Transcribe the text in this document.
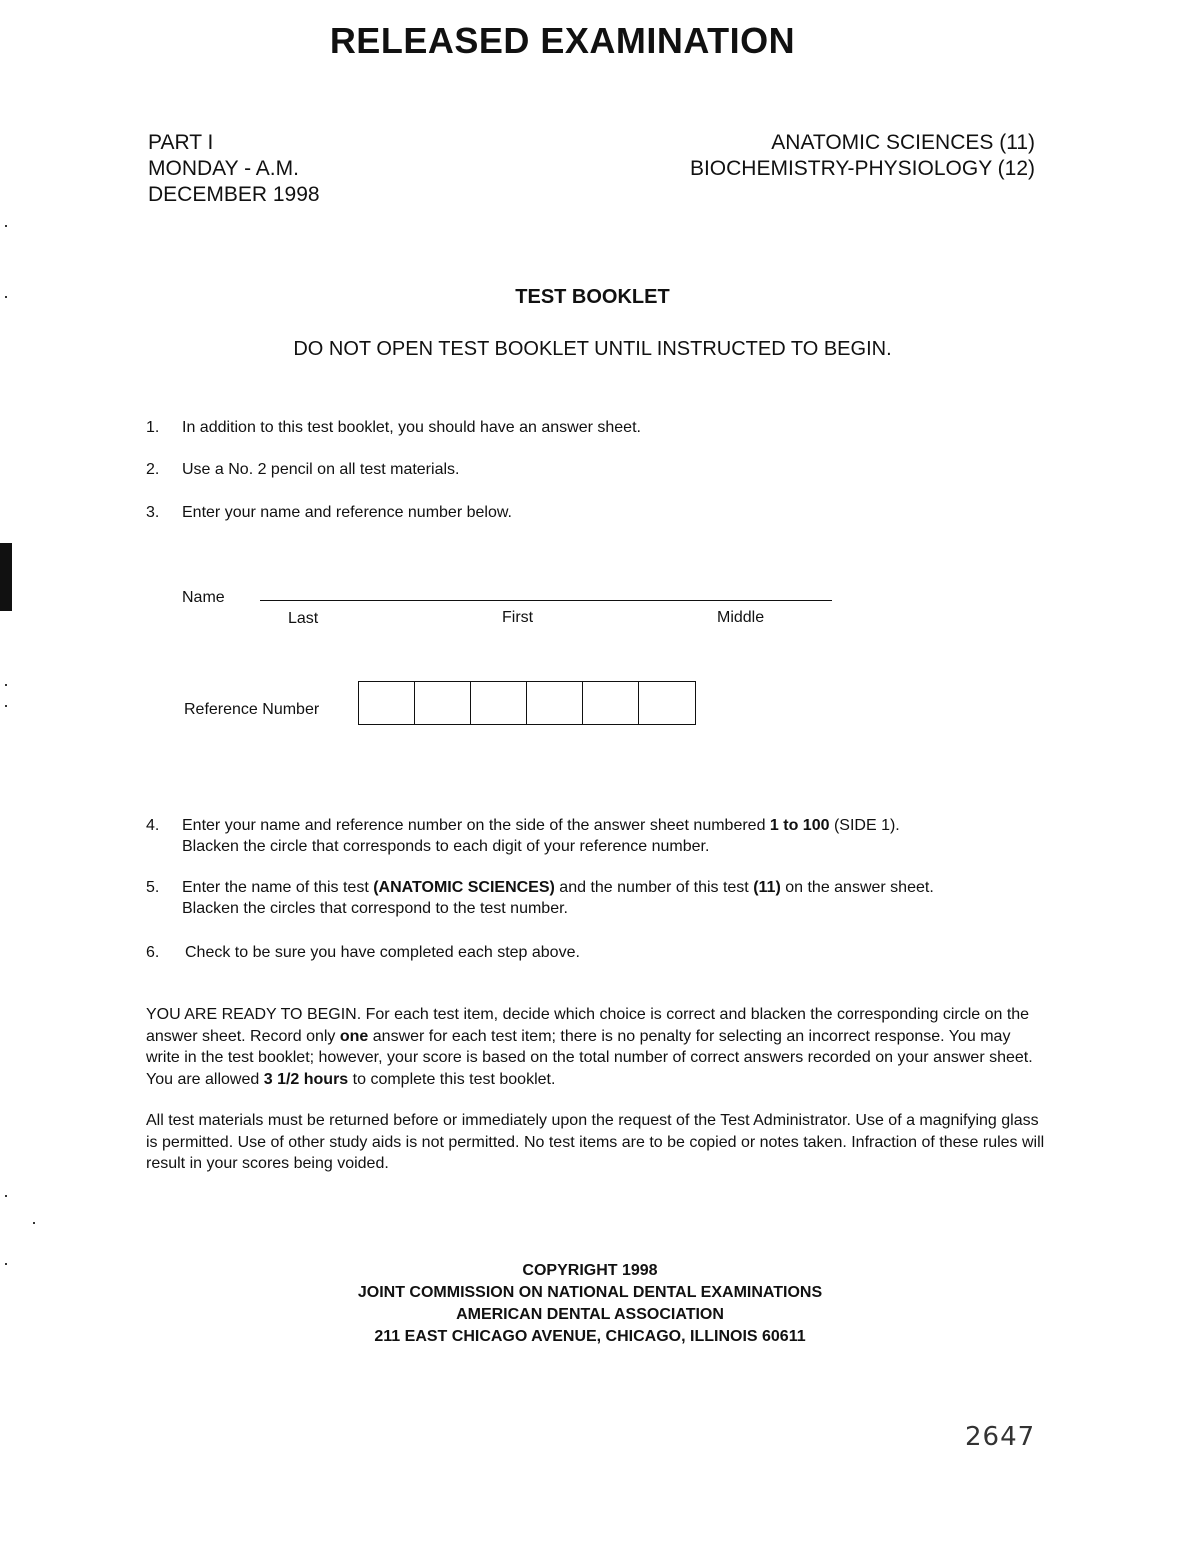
RELEASED EXAMINATION
PART I
MONDAY - A.M.
DECEMBER 1998
ANATOMIC SCIENCES (11)
BIOCHEMISTRY-PHYSIOLOGY (12)
TEST BOOKLET
DO NOT OPEN TEST BOOKLET UNTIL INSTRUCTED TO BEGIN.
1. In addition to this test booklet, you should have an answer sheet.
2. Use a No. 2 pencil on all test materials.
3. Enter your name and reference number below.
Name
Last	First	Middle
Reference Number
4. Enter your name and reference number on the side of the answer sheet numbered 1 to 100 (SIDE 1).
Blacken the circle that corresponds to each digit of your reference number.
5. Enter the name of this test (ANATOMIC SCIENCES) and the number of this test (11) on the answer sheet.
Blacken the circles that correspond to the test number.
6. Check to be sure you have completed each step above.
YOU ARE READY TO BEGIN. For each test item, decide which choice is correct and blacken the corresponding circle on the answer sheet. Record only one answer for each test item; there is no penalty for selecting an incorrect response. You may write in the test booklet; however, your score is based on the total number of correct answers recorded on your answer sheet. You are allowed 3 1/2 hours to complete this test booklet.
All test materials must be returned before or immediately upon the request of the Test Administrator. Use of a magnifying glass is permitted. Use of other study aids is not permitted. No test items are to be copied or notes taken. Infraction of these rules will result in your scores being voided.
COPYRIGHT 1998
JOINT COMMISSION ON NATIONAL DENTAL EXAMINATIONS
AMERICAN DENTAL ASSOCIATION
211 EAST CHICAGO AVENUE, CHICAGO, ILLINOIS 60611
2647
